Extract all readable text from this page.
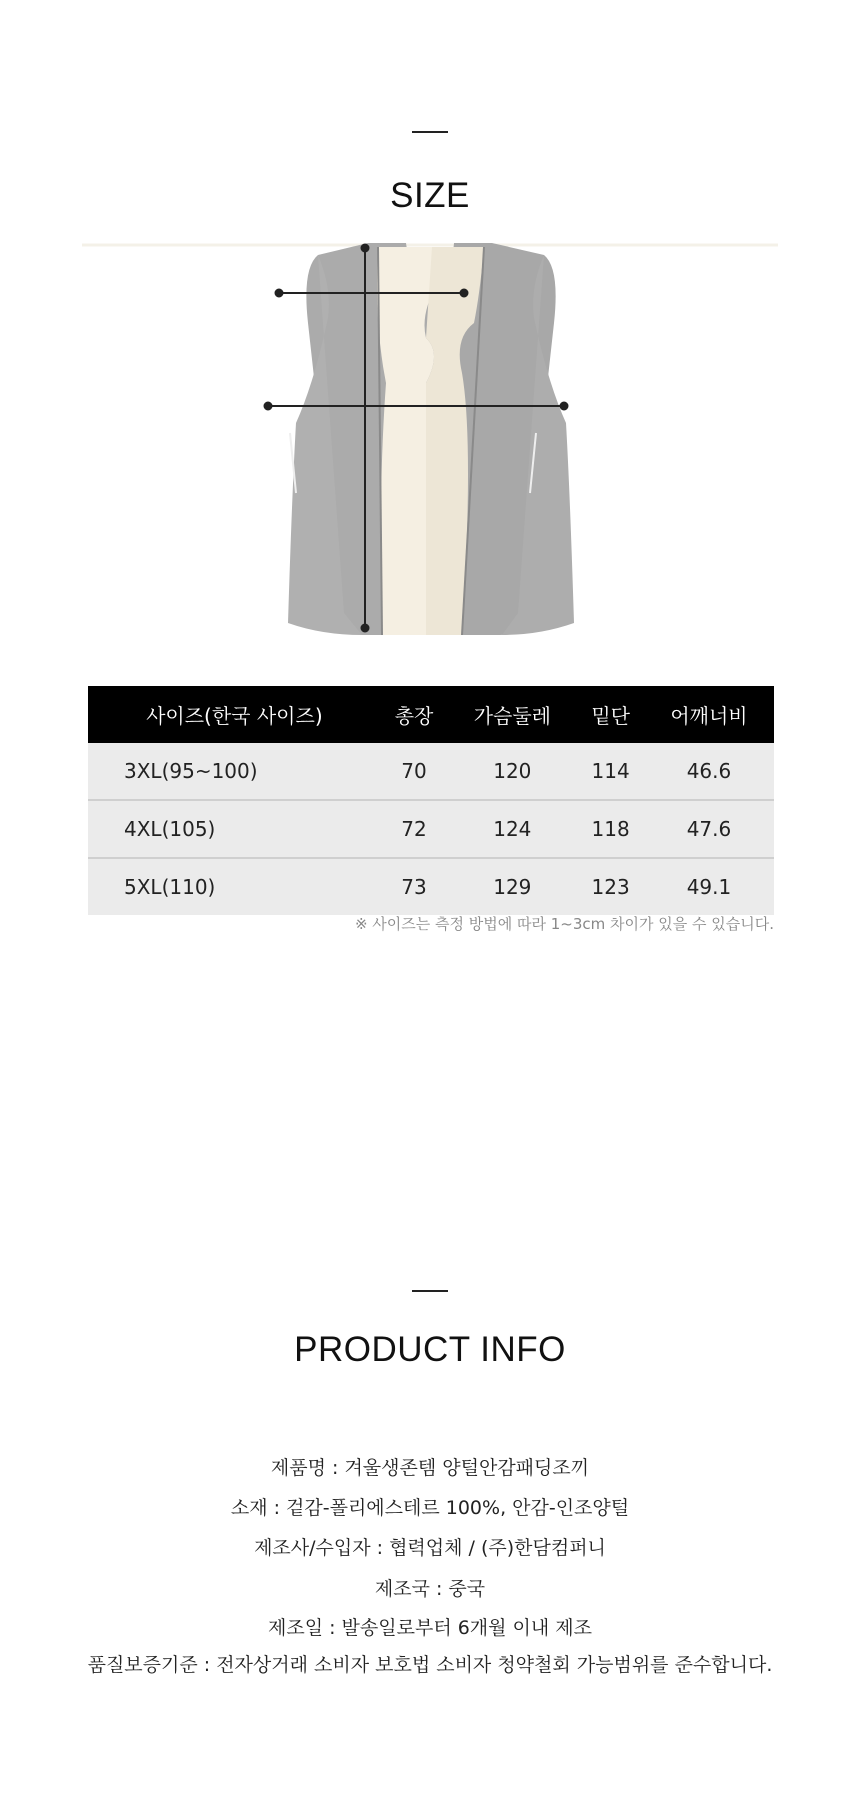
SIZE
사이즈(한국 사이즈)	총장	가슴둘레	밑단	어깨너비
3XL(95~100)	70	120	114	46.6
4XL(105)	72	124	118	47.6
5XL(110)	73	129	123	49.1
※ 사이즈는 측정 방법에 따라 1~3cm 차이가 있을 수 있습니다.
PRODUCT INFO
제품명 : 겨울생존템 양털안감패딩조끼
소재 : 겉감-폴리에스테르 100%, 안감-인조양털
제조사/수입자 : 협력업체 / (주)한담컴퍼니
제조국 : 중국
제조일 : 발송일로부터 6개월 이내 제조
품질보증기준 : 전자상거래 소비자 보호법 소비자 청약철회 가능범위를 준수합니다.
